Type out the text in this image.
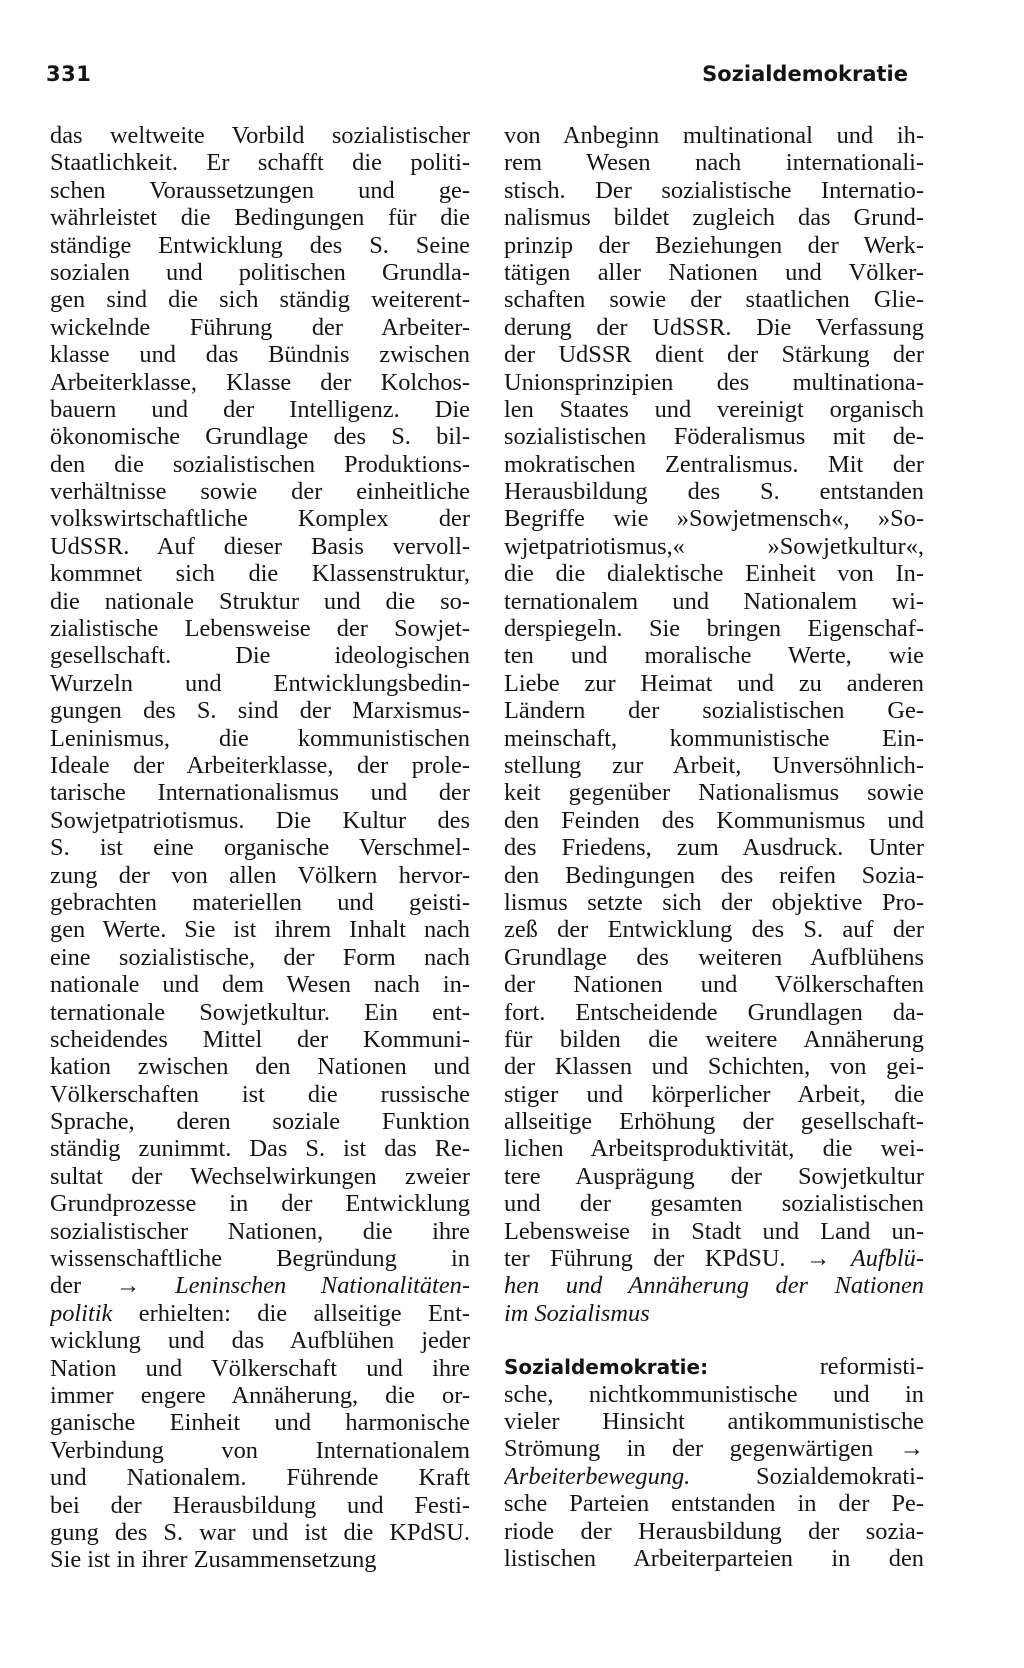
331	Sozialdemokratie
das weltweite Vorbild sozialistischer
Staatlichkeit. Er schafft die politi-
schen Voraussetzungen und ge-
währleistet die Bedingungen für die
ständige Entwicklung des S. Seine
sozialen und politischen Grundla-
gen sind die sich ständig weiterent-
wickelnde Führung der Arbeiter-
klasse und das Bündnis zwischen
Arbeiterklasse, Klasse der Kolchos-
bauern und der Intelligenz. Die
ökonomische Grundlage des S. bil-
den die sozialistischen Produktions-
verhältnisse sowie der einheitliche
volkswirtschaftliche Komplex der
UdSSR. Auf dieser Basis vervoll-
kommnet sich die Klassenstruktur,
die nationale Struktur und die so-
zialistische Lebensweise der Sowjet-
gesellschaft. Die ideologischen
Wurzeln und Entwicklungsbedin-
gungen des S. sind der Marxismus-
Leninismus, die kommunistischen
Ideale der Arbeiterklasse, der prole-
tarische Internationalismus und der
Sowjetpatriotismus. Die Kultur des
S. ist eine organische Verschmel-
zung der von allen Völkern hervor-
gebrachten materiellen und geisti-
gen Werte. Sie ist ihrem Inhalt nach
eine sozialistische, der Form nach
nationale und dem Wesen nach in-
ternationale Sowjetkultur. Ein ent-
scheidendes Mittel der Kommuni-
kation zwischen den Nationen und
Völkerschaften ist die russische
Sprache, deren soziale Funktion
ständig zunimmt. Das S. ist das Re-
sultat der Wechselwirkungen zweier
Grundprozesse in der Entwicklung
sozialistischer Nationen, die ihre
wissenschaftliche Begründung in
der → Leninschen Nationalitäten-
politik erhielten: die allseitige Ent-
wicklung und das Aufblühen jeder
Nation und Völkerschaft und ihre
immer engere Annäherung, die or-
ganische Einheit und harmonische
Verbindung von Internationalem
und Nationalem. Führende Kraft
bei der Herausbildung und Festi-
gung des S. war und ist die KPdSU.
Sie ist in ihrer Zusammensetzung
von Anbeginn multinational und ih-
rem Wesen nach internationali-
stisch. Der sozialistische Internatio-
nalismus bildet zugleich das Grund-
prinzip der Beziehungen der Werk-
tätigen aller Nationen und Völker-
schaften sowie der staatlichen Glie-
derung der UdSSR. Die Verfassung
der UdSSR dient der Stärkung der
Unionsprinzipien des multinationa-
len Staates und vereinigt organisch
sozialistischen Föderalismus mit de-
mokratischen Zentralismus. Mit der
Herausbildung des S. entstanden
Begriffe wie »Sowjetmensch«, »So-
wjetpatriotismus,« »Sowjetkultur«,
die die dialektische Einheit von In-
ternationalem und Nationalem wi-
derspiegeln. Sie bringen Eigenschaf-
ten und moralische Werte, wie
Liebe zur Heimat und zu anderen
Ländern der sozialistischen Ge-
meinschaft, kommunistische Ein-
stellung zur Arbeit, Unversöhnlich-
keit gegenüber Nationalismus sowie
den Feinden des Kommunismus und
des Friedens, zum Ausdruck. Unter
den Bedingungen des reifen Sozia-
lismus setzte sich der objektive Pro-
zeß der Entwicklung des S. auf der
Grundlage des weiteren Aufblühens
der Nationen und Völkerschaften
fort. Entscheidende Grundlagen da-
für bilden die weitere Annäherung
der Klassen und Schichten, von gei-
stiger und körperlicher Arbeit, die
allseitige Erhöhung der gesellschaft-
lichen Arbeitsproduktivität, die wei-
tere Ausprägung der Sowjetkultur
und der gesamten sozialistischen
Lebensweise in Stadt und Land un-
ter Führung der KPdSU. → Aufblü-
hen und Annäherung der Nationen
im Sozialismus
Sozialdemokratie:	reformisti-
sche, nichtkommunistische und in
vieler Hinsicht antikommunistische
Strömung in der gegenwärtigen →
Arbeiterbewegung. Sozialdemokrati-
sche Parteien entstanden in der Pe-
riode der Herausbildung der sozia-
listischen Arbeiterparteien in den
